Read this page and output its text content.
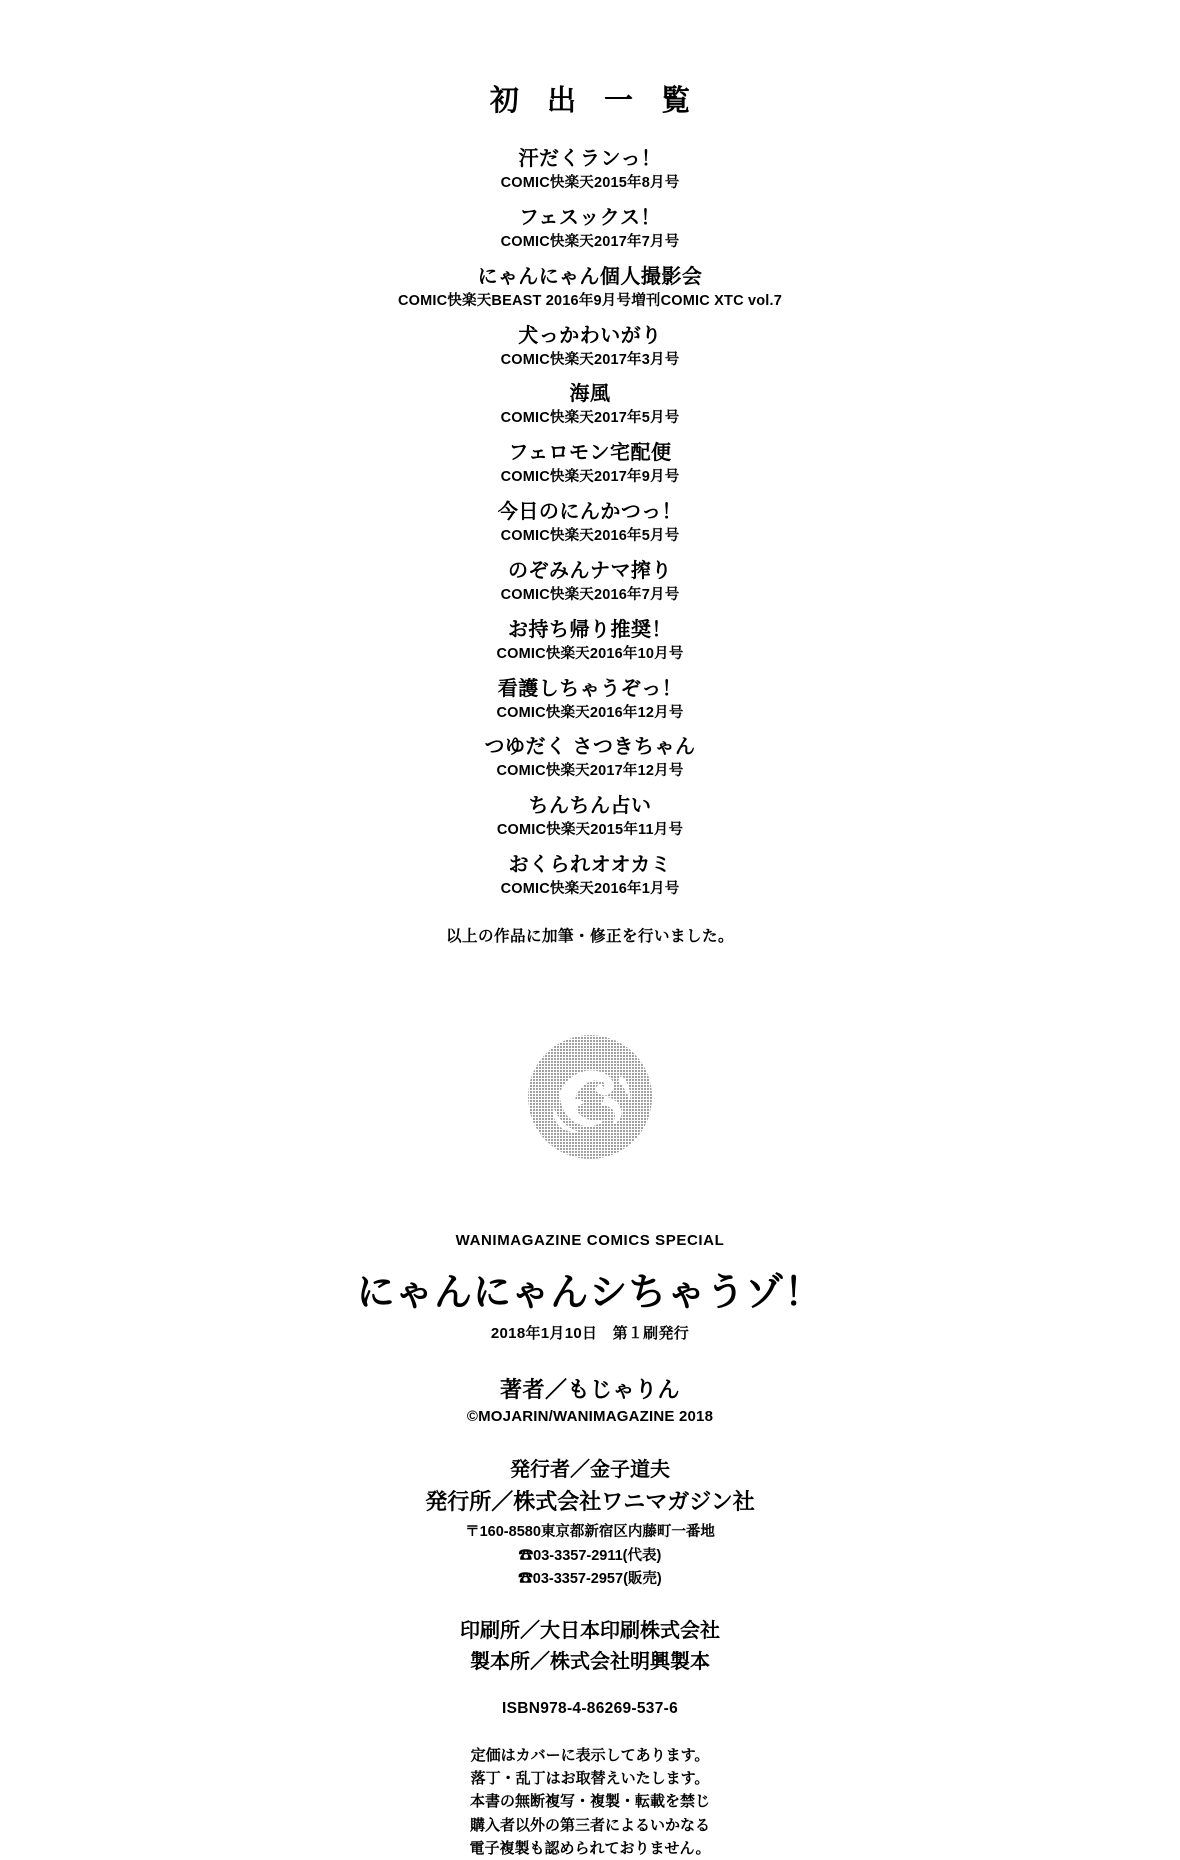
初 出 一 覧

汗だくランっ！

COMIC快楽天2015年8月号

フェスックス！

COMIC快楽天2017年7月号

にゃんにゃん個人撮影会

COMIC快楽天BEAST 2016年9月号増刊COMIC XTC vol.7

犬っかわいがり

COMIC快楽天2017年3月号

海風

COMIC快楽天2017年5月号

フェロモン宅配便

COMIC快楽天2017年9月号

今日のにんかつっ！

COMIC快楽天2016年5月号

のぞみんナマ搾り

COMIC快楽天2016年7月号

お持ち帰り推奨！

COMIC快楽天2016年10月号

看護しちゃうぞっ！

COMIC快楽天2016年12月号

つゆだく さつきちゃん

COMIC快楽天2017年12月号

ちんちん占い

COMIC快楽天2015年11月号

おくられオオカミ

COMIC快楽天2016年1月号

以上の作品に加筆・修正を行いました。

WANIMAGAZINE COMICS SPECIAL

にゃんにゃんシちゃうゾ！

2018年1月10日　第１刷発行

著者／もじゃりん

©MOJARIN/WANIMAGAZINE 2018

発行者／金子道夫

発行所／株式会社ワニマガジン社

〒160-8580東京都新宿区内藤町一番地

☎03-3357-2911(代表)

☎03-3357-2957(販売)

印刷所／大日本印刷株式会社

製本所／株式会社明興製本

ISBN978-4-86269-537-6

定価はカバーに表示してあります。

落丁・乱丁はお取替えいたします。

本書の無断複写・複製・転載を禁じ

購入者以外の第三者によるいかなる

電子複製も認められておりません。
